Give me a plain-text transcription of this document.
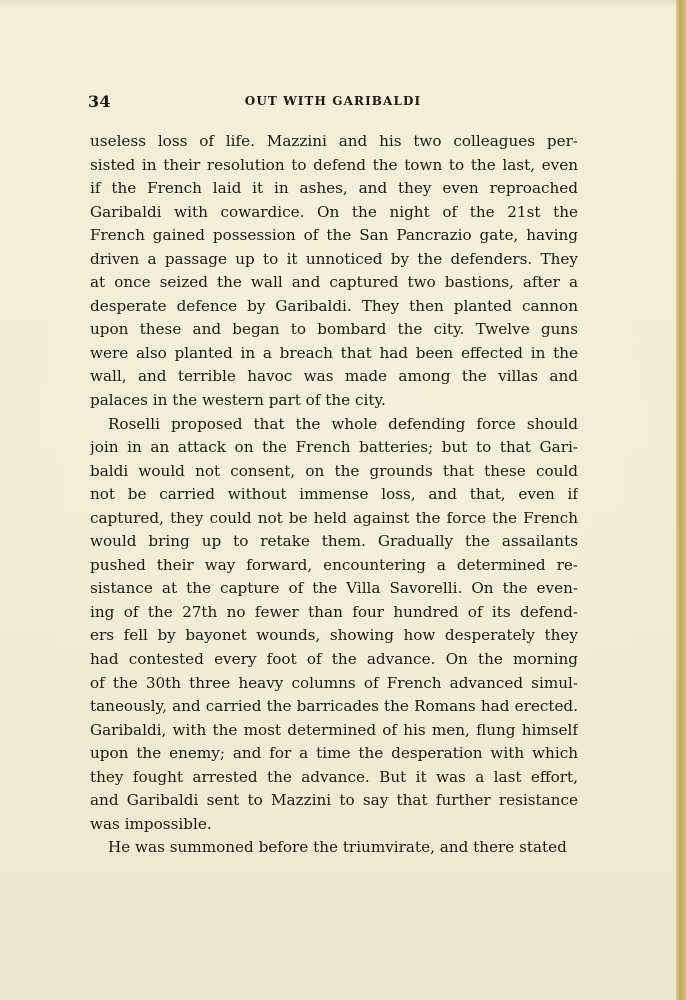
34	OUT WITH GARIBALDI
useless loss of life. Mazzini and his two colleagues per-
sisted in their resolution to defend the town to the last, even
if the French laid it in ashes, and they even reproached
Garibaldi with cowardice. On the night of the 21st the
French gained possession of the San Pancrazio gate, having
driven a passage up to it unnoticed by the defenders. They
at once seized the wall and captured two bastions, after a
desperate defence by Garibaldi. They then planted cannon
upon these and began to bombard the city. Twelve guns
were also planted in a breach that had been effected in the
wall, and terrible havoc was made among the villas and
palaces in the western part of the city.
Roselli proposed that the whole defending force should
join in an attack on the French batteries; but to that Gari-
baldi would not consent, on the grounds that these could
not be carried without immense loss, and that, even if
captured, they could not be held against the force the French
would bring up to retake them. Gradually the assailants
pushed their way forward, encountering a determined re-
sistance at the capture of the Villa Savorelli. On the even-
ing of the 27th no fewer than four hundred of its defend-
ers fell by bayonet wounds, showing how desperately they
had contested every foot of the advance. On the morning
of the 30th three heavy columns of French advanced simul-
taneously, and carried the barricades the Romans had erected.
Garibaldi, with the most determined of his men, flung himself
upon the enemy; and for a time the desperation with which
they fought arrested the advance. But it was a last effort,
and Garibaldi sent to Mazzini to say that further resistance
was impossible.
He was summoned before the triumvirate, and there stated
